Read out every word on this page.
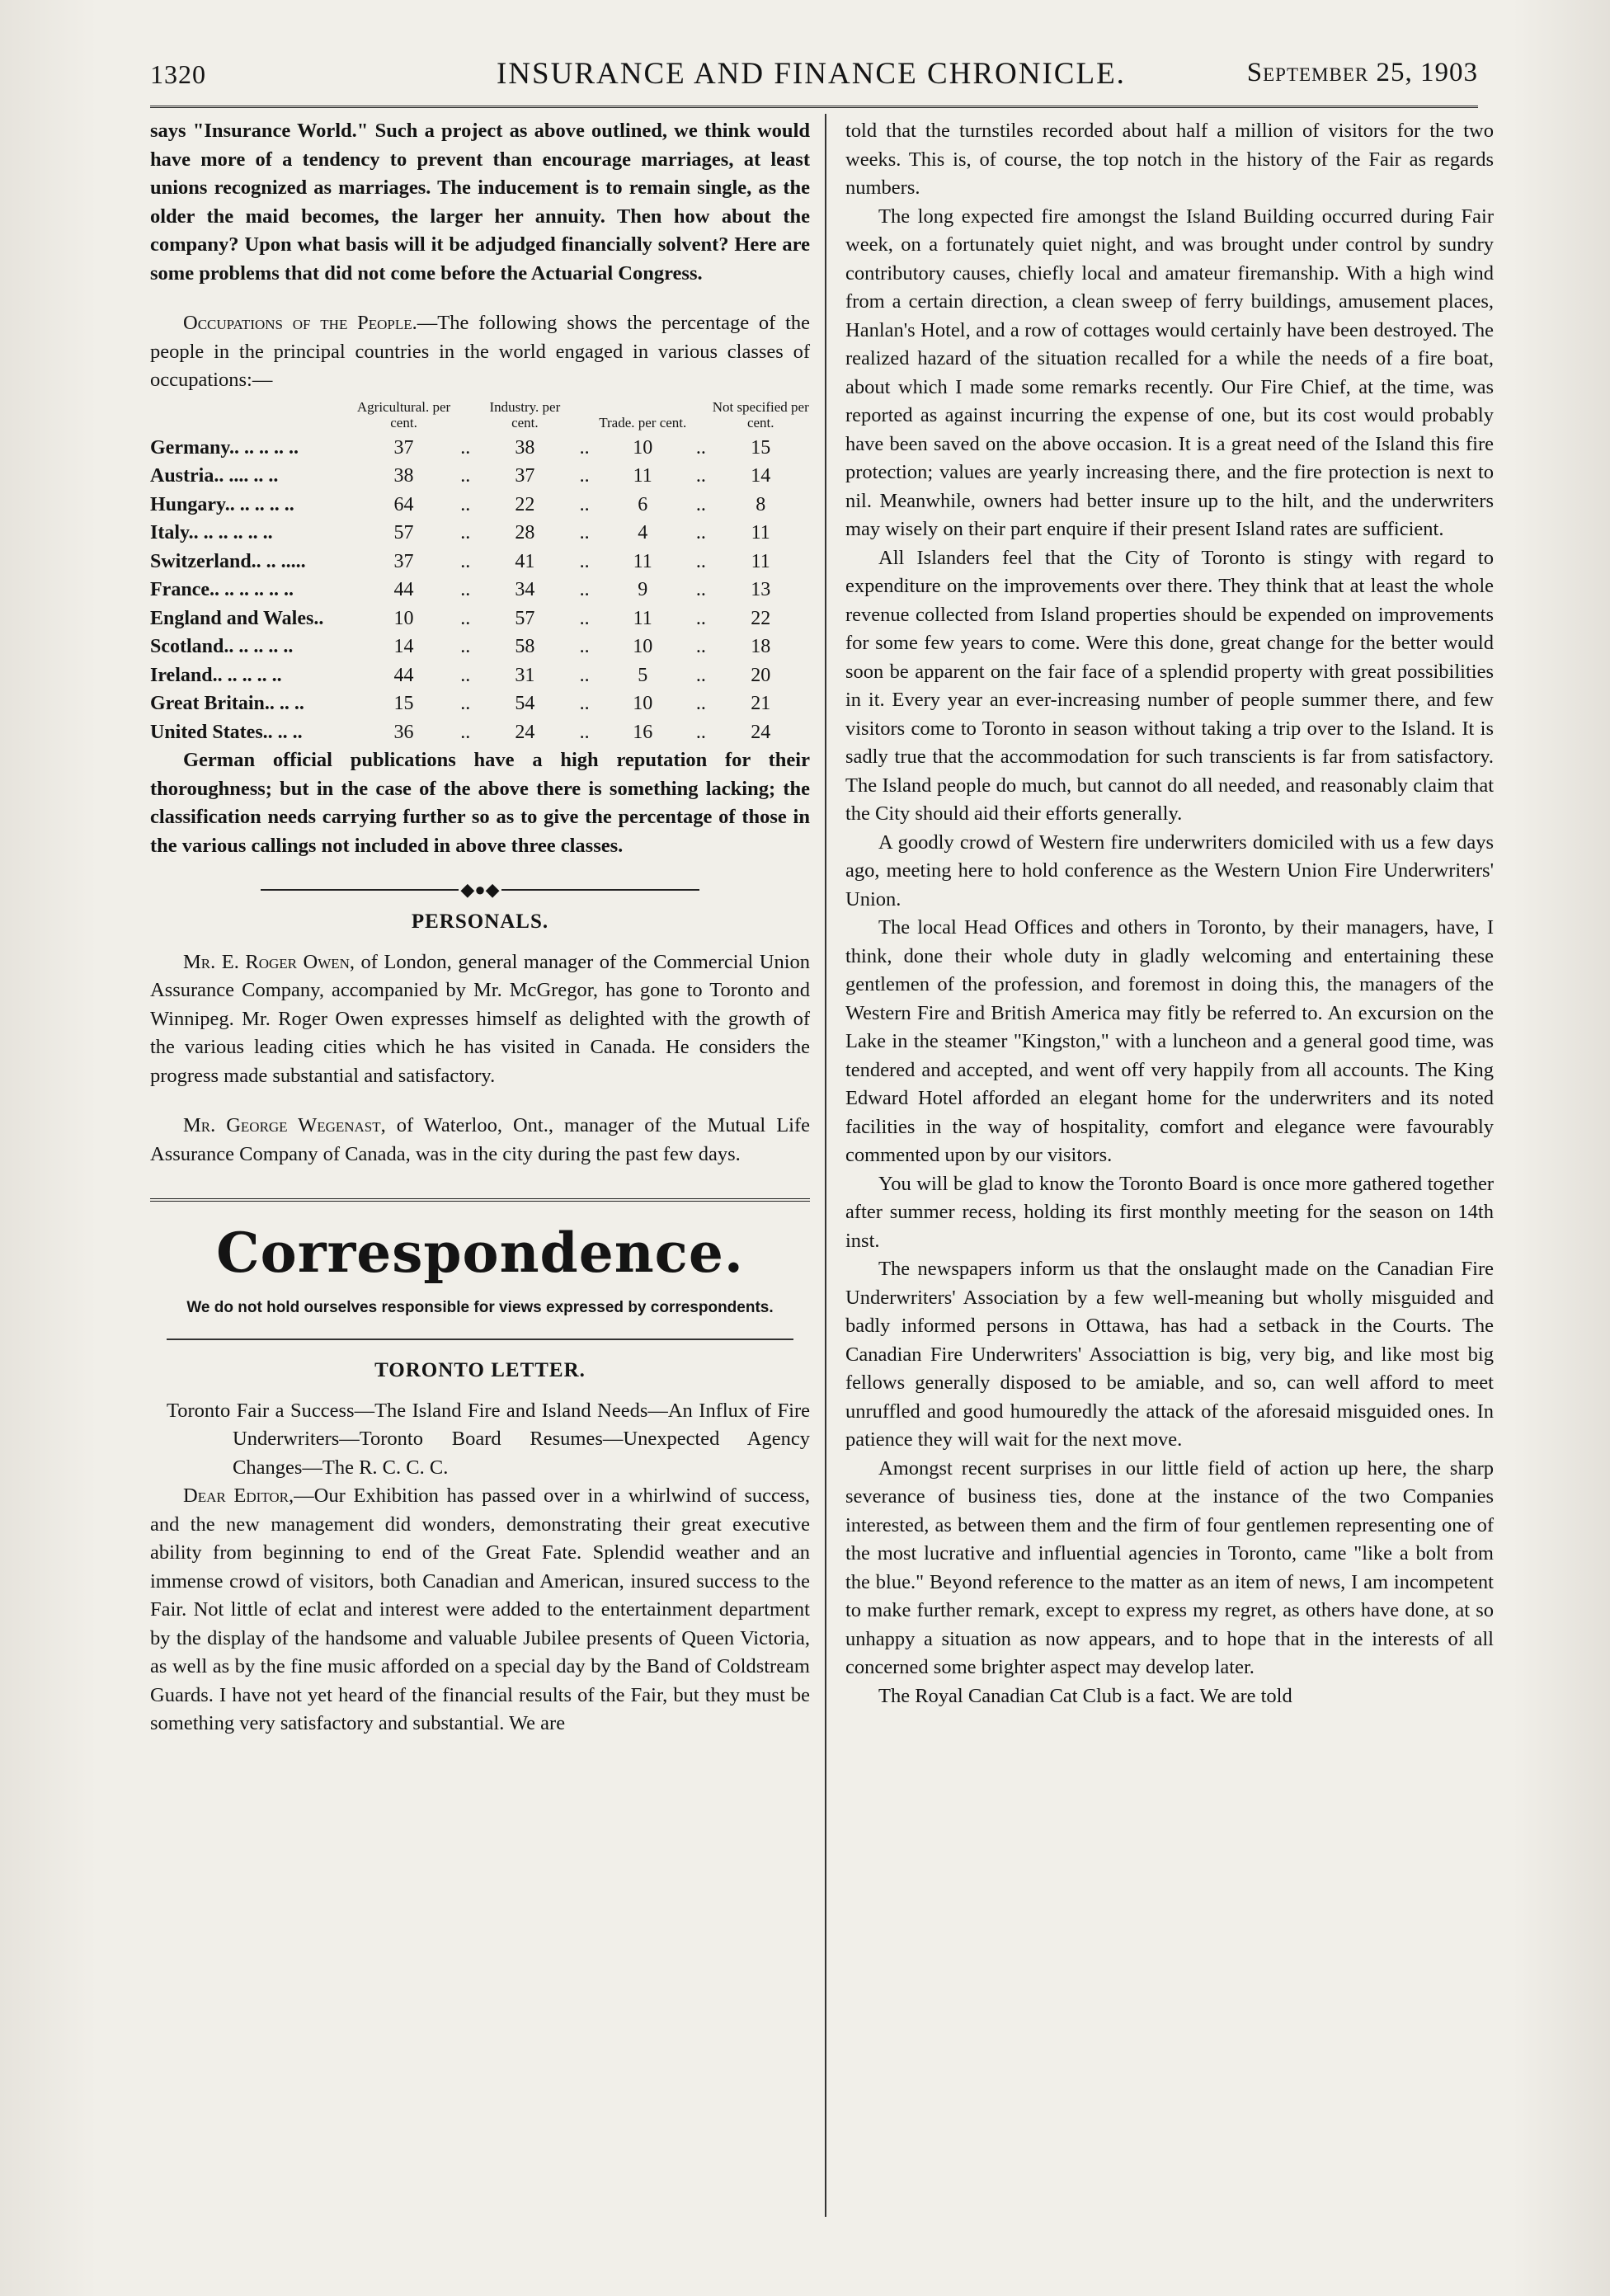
1320	INSURANCE AND FINANCE CHRONICLE.	September 25, 1903

says "Insurance World." Such a project as above outlined, we think would have more of a tendency to prevent than encourage marriages, at least unions recognized as marriages. The inducement is to remain single, as the older the maid becomes, the larger her annuity. Then how about the company? Upon what basis will it be adjudged financially solvent? Here are some problems that did not come before the Actuarial Congress.

Occupations of the People.—The following shows the percentage of the people in the principal countries in the world engaged in various classes of occupations:—

	Agricultural. per cent.		Industry. per cent.		Trade. per cent.		Not specified per cent.
Germany.. .. .. .. ..	37	..	38	..	10	..	15
Austria.. .... .. ..	38	..	37	..	11	..	14
Hungary.. .. .. .. ..	64	..	22	..	6	..	8
Italy.. .. .. .. .. ..	57	..	28	..	4	..	11
Switzerland.. .. .....	37	..	41	..	11	..	11
France.. .. .. .. .. ..	44	..	34	..	9	..	13
England and Wales..	10	..	57	..	11	..	22
Scotland.. .. .. .. ..	14	..	58	..	10	..	18
Ireland.. .. .. .. ..	44	..	31	..	5	..	20
Great Britain.. .. ..	15	..	54	..	10	..	21
United States.. .. ..	36	..	24	..	16	..	24

German official publications have a high reputation for their thoroughness; but in the case of the above there is something lacking; the classification needs carrying further so as to give the percentage of those in the various callings not included in above three classes.

◆●◆
PERSONALS.

Mr. E. Roger Owen, of London, general manager of the Commercial Union Assurance Company, accompanied by Mr. McGregor, has gone to Toronto and Winnipeg. Mr. Roger Owen expresses himself as delighted with the growth of the various leading cities which he has visited in Canada. He considers the progress made substantial and satisfactory.

Mr. George Wegenast, of Waterloo, Ont., manager of the Mutual Life Assurance Company of Canada, was in the city during the past few days.

Correspondence.
We do not hold ourselves responsible for views expressed by correspondents.
TORONTO LETTER.

Toronto Fair a Success—The Island Fire and Island Needs—An Influx of Fire Underwriters—Toronto Board Resumes—Unexpected Agency Changes—The R. C. C. C.

Dear Editor,—Our Exhibition has passed over in a whirlwind of success, and the new management did wonders, demonstrating their great executive ability from beginning to end of the Great Fate. Splendid weather and an immense crowd of visitors, both Canadian and American, insured success to the Fair. Not little of eclat and interest were added to the entertainment department by the display of the handsome and valuable Jubilee presents of Queen Victoria, as well as by the fine music afforded on a special day by the Band of Coldstream Guards. I have not yet heard of the financial results of the Fair, but they must be something very satisfactory and substantial. We are

told that the turnstiles recorded about half a million of visitors for the two weeks. This is, of course, the top notch in the history of the Fair as regards numbers.

The long expected fire amongst the Island Building occurred during Fair week, on a fortunately quiet night, and was brought under control by sundry contributory causes, chiefly local and amateur firemanship. With a high wind from a certain direction, a clean sweep of ferry buildings, amusement places, Hanlan's Hotel, and a row of cottages would certainly have been destroyed. The realized hazard of the situation recalled for a while the needs of a fire boat, about which I made some remarks recently. Our Fire Chief, at the time, was reported as against incurring the expense of one, but its cost would probably have been saved on the above occasion. It is a great need of the Island this fire protection; values are yearly increasing there, and the fire protection is next to nil. Meanwhile, owners had better insure up to the hilt, and the underwriters may wisely on their part enquire if their present Island rates are sufficient.

All Islanders feel that the City of Toronto is stingy with regard to expenditure on the improvements over there. They think that at least the whole revenue collected from Island properties should be expended on improvements for some few years to come. Were this done, great change for the better would soon be apparent on the fair face of a splendid property with great possibilities in it. Every year an ever-increasing number of people summer there, and few visitors come to Toronto in season without taking a trip over to the Island. It is sadly true that the accommodation for such transcients is far from satisfactory. The Island people do much, but cannot do all needed, and reasonably claim that the City should aid their efforts generally.

A goodly crowd of Western fire underwriters domiciled with us a few days ago, meeting here to hold conference as the Western Union Fire Underwriters' Union.

The local Head Offices and others in Toronto, by their managers, have, I think, done their whole duty in gladly welcoming and entertaining these gentlemen of the profession, and foremost in doing this, the managers of the Western Fire and British America may fitly be referred to. An excursion on the Lake in the steamer "Kingston," with a luncheon and a general good time, was tendered and accepted, and went off very happily from all accounts. The King Edward Hotel afforded an elegant home for the underwriters and its noted facilities in the way of hospitality, comfort and elegance were favourably commented upon by our visitors.

You will be glad to know the Toronto Board is once more gathered together after summer recess, holding its first monthly meeting for the season on 14th inst.

The newspapers inform us that the onslaught made on the Canadian Fire Underwriters' Association by a few well-meaning but wholly misguided and badly informed persons in Ottawa, has had a setback in the Courts. The Canadian Fire Underwriters' Associattion is big, very big, and like most big fellows generally disposed to be amiable, and so, can well afford to meet unruffled and good humouredly the attack of the aforesaid misguided ones. In patience they will wait for the next move.

Amongst recent surprises in our little field of action up here, the sharp severance of business ties, done at the instance of the two Companies interested, as between them and the firm of four gentlemen representing one of the most lucrative and influential agencies in Toronto, came "like a bolt from the blue." Beyond reference to the matter as an item of news, I am incompetent to make further remark, except to express my regret, as others have done, at so unhappy a situation as now appears, and to hope that in the interests of all concerned some brighter aspect may develop later.

The Royal Canadian Cat Club is a fact. We are told
